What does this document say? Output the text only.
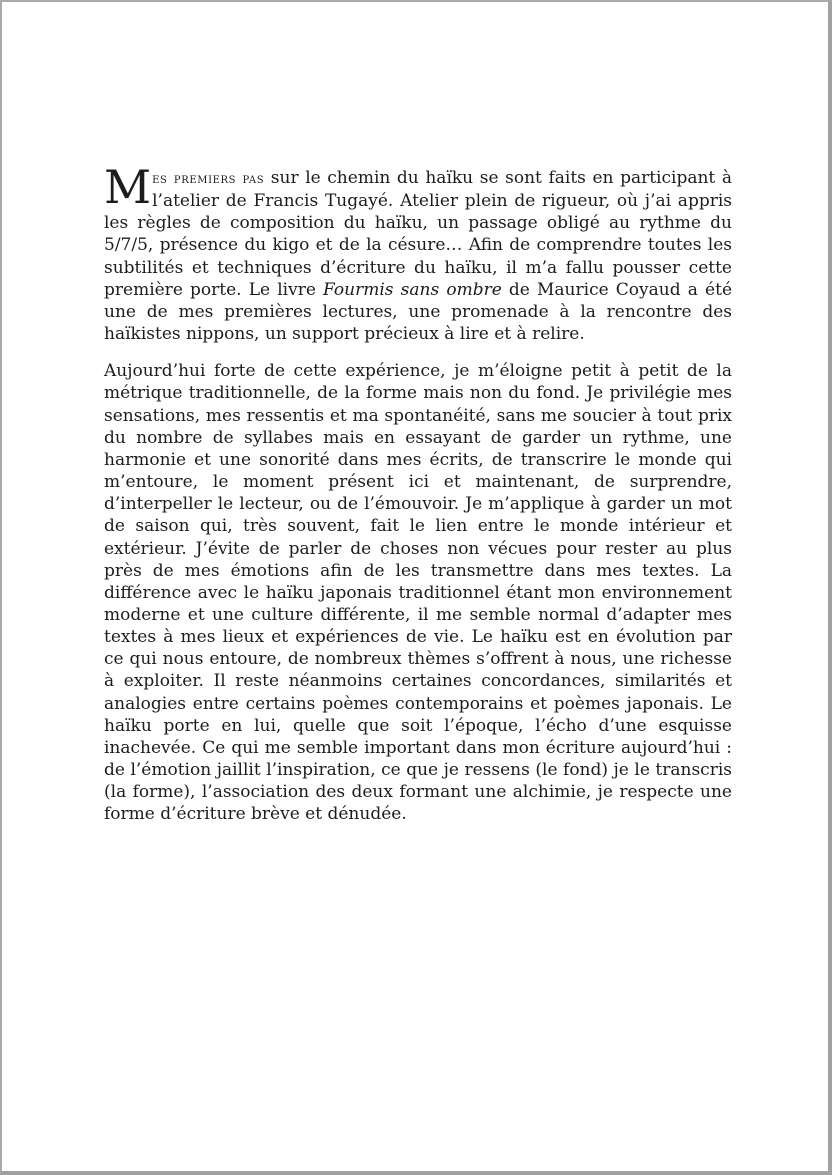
Mes premiers pas sur le chemin du haïku se sont faits en participant à l’atelier de Francis Tugayé. Atelier plein de rigueur, où j’ai appris les règles de composition du haïku, un passage obligé au rythme du 5/7/5, présence du kigo et de la césure… Afin de comprendre toutes les subtilités et techniques d’écriture du haïku, il m’a fallu pousser cette première porte. Le livre Fourmis sans ombre de Maurice Coyaud a été une de mes premières lectures, une promenade à la rencontre des haïkistes nippons, un support précieux à lire et à relire.

Aujourd’hui forte de cette expérience, je m’éloigne petit à petit de la métrique traditionnelle, de la forme mais non du fond. Je privilégie mes sensations, mes ressentis et ma spontanéité, sans me soucier à tout prix du nombre de syllabes mais en essayant de garder un rythme, une harmonie et une sonorité dans mes écrits, de transcrire le monde qui m’entoure, le moment présent ici et maintenant, de surprendre, d’interpeller le lecteur, ou de l’émouvoir. Je m’applique à garder un mot de saison qui, très souvent, fait le lien entre le monde intérieur et extérieur. J’évite de parler de choses non vécues pour rester au plus près de mes émotions afin de les transmettre dans mes textes. La différence avec le haïku japonais traditionnel étant mon environnement moderne et une culture différente, il me semble normal d’adapter mes textes à mes lieux et expériences de vie. Le haïku est en évolution par ce qui nous entoure, de nombreux thèmes s’offrent à nous, une richesse à exploiter. Il reste néanmoins certaines concordances, similarités et analogies entre certains poèmes contemporains et poèmes japonais. Le haïku porte en lui, quelle que soit l’époque, l’écho d’une esquisse inachevée. Ce qui me semble important dans mon écriture aujourd’hui : de l’émotion jaillit l’inspiration, ce que je ressens (le fond) je le transcris (la forme), l’association des deux formant une alchimie, je respecte une forme d’écriture brève et dénudée.
